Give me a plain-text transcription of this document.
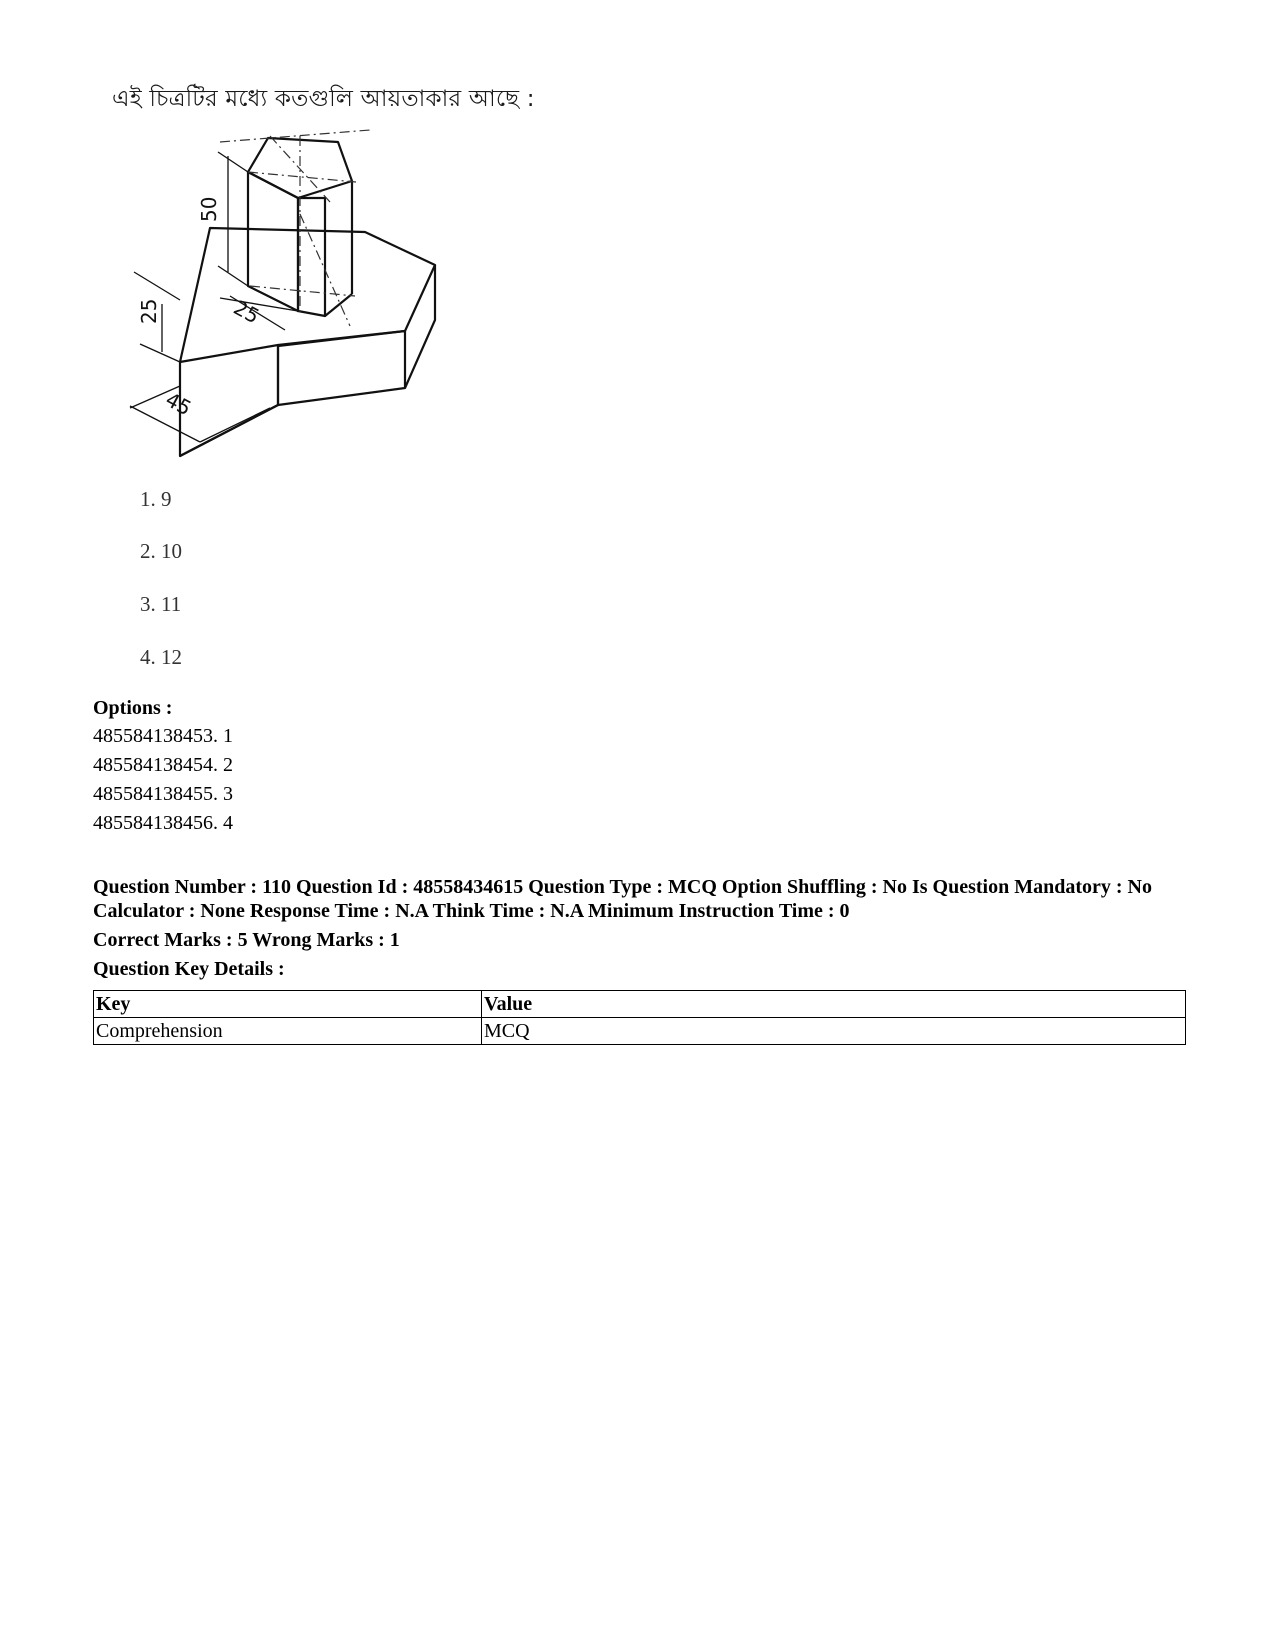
এই চিত্রটির মধ্যে কতগুলি আয়তাকার আছে :
50
25
25
45
1. 9
2. 10
3. 11
4. 12
Options :
485584138453. 1
485584138454. 2
485584138455. 3
485584138456. 4
Question Number : 110 Question Id : 48558434615 Question Type : MCQ Option Shuffling : No Is Question Mandatory : No Calculator : None Response Time : N.A Think Time : N.A Minimum Instruction Time : 0
Correct Marks : 5 Wrong Marks : 1
Question Key Details :
Key	Value
Comprehension	MCQ
